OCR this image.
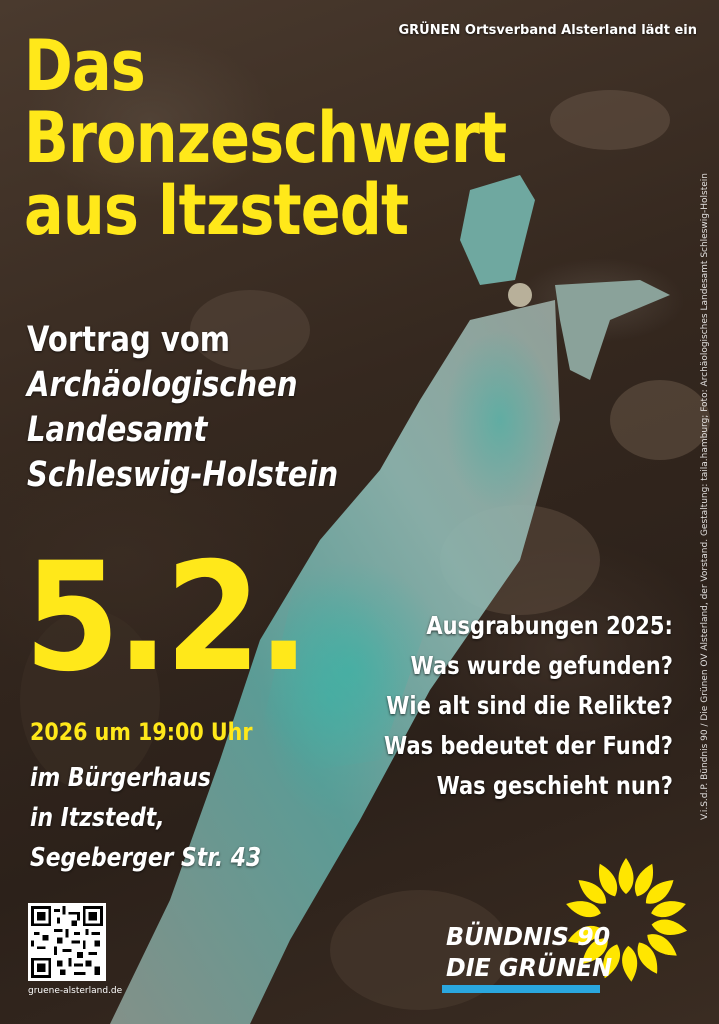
GRÜNEN Ortsverband Alsterland lädt ein
Das
Bronzeschwert
aus Itzstedt
Vortrag vom
Archäologischen
Landesamt
Schleswig-Holstein
5.2.
2026 um 19:00 Uhr
im Bürgerhaus
in Itzstedt,
Segeberger Str. 43
Ausgrabungen 2025:
Was wurde gefunden?
Wie alt sind die Relikte?
Was bedeutet der Fund?
Was geschieht nun?	V.i.S.d.P. Bündnis 90 / Die Grünen OV Alsterland, der Vorstand. Gestaltung: taila.hamburg; Foto: Archäologisches Landesamt Schleswig-Holstein
gruene-alsterland.de
BÜNDNIS 90
DIE GRÜNEN
